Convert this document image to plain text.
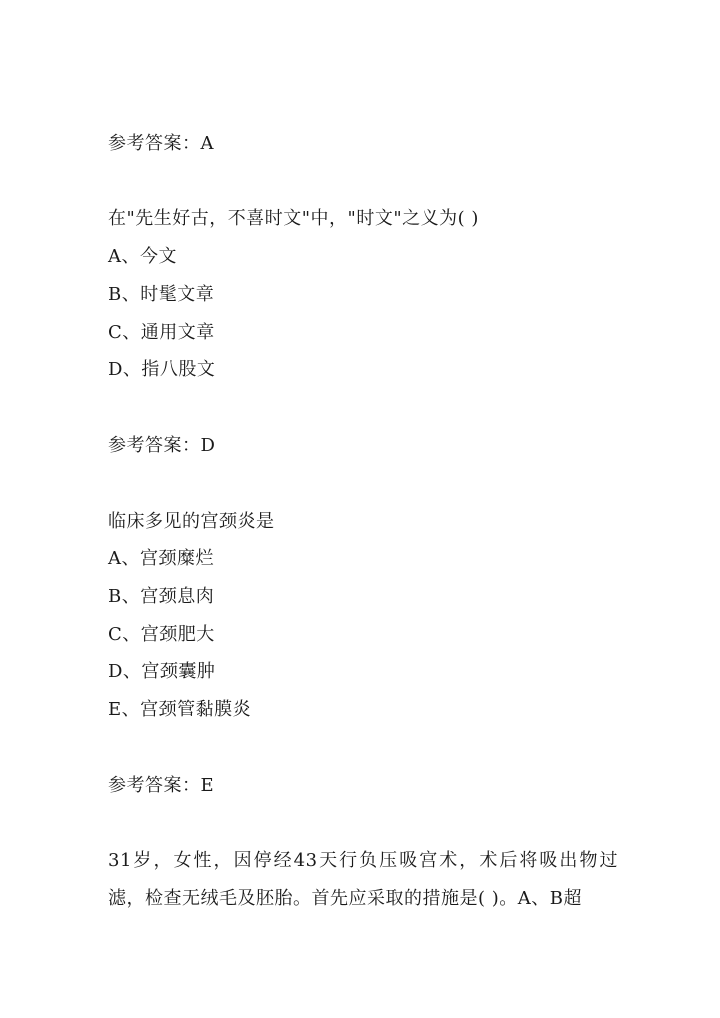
参考答案：A
在"先生好古，不喜时文"中，"时文"之义为( )
A、今文
B、时髦文章
C、通用文章
D、指八股文
参考答案：D
临床多见的宫颈炎是
A、宫颈糜烂
B、宫颈息肉
C、宫颈肥大
D、宫颈囊肿
E、宫颈管黏膜炎
参考答案：E
31岁，女性，因停经43天行负压吸宫术，术后将吸出物过滤，检查无绒毛及胚胎。首先应采取的措施是( )。A、B超
